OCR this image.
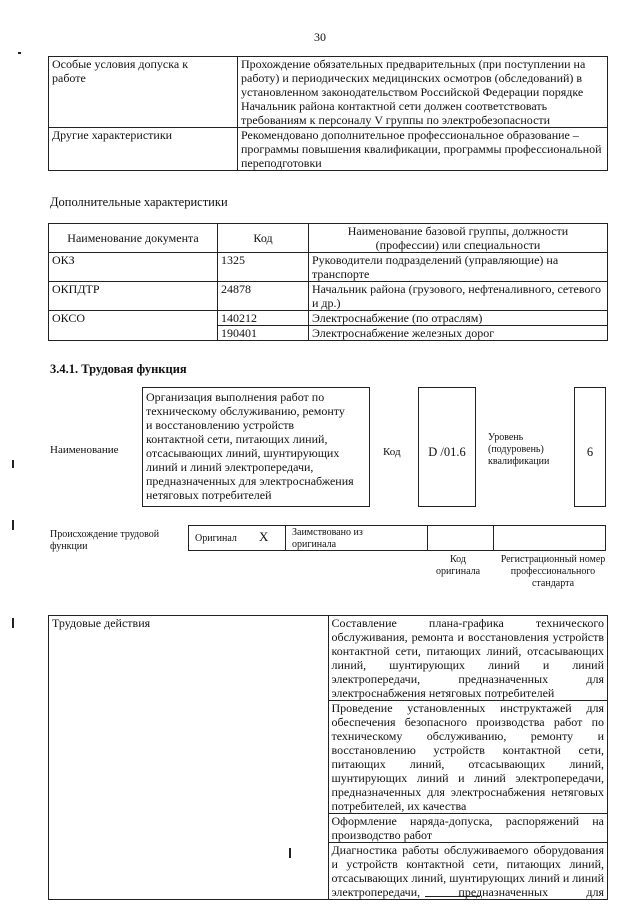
30
Особые условия допуска к работе	Прохождение обязательных предварительных (при поступлении на
работу) и периодических медицинских осмотров (обследований) в
установленном законодательством Российской Федерации порядке
Начальник района контактной сети должен соответствовать
требованиям к персоналу V группы по электробезопасности

Другие характеристики	Рекомендовано дополнительное профессиональное образование –
программы повышения квалификации, программы профессиональной
переподготовки
Дополнительные характеристики
Наименование документа	Код	Наименование базовой группы, должности (профессии) или специальности
ОКЗ	1325	Руководители подразделений (управляющие) на транспорте
ОКПДТР	24878	Начальник района (грузового, нефтеналивного, сетевого и др.)
ОКСО	140212	Электроснабжение (по отраслям)
	190401	Электроснабжение железных дорог
3.4.1. Трудовая функция
Наименование
Организация выполнения работ по
техническому обслуживанию, ремонту
и восстановлению устройств
контактной сети, питающих линий,
отсасывающих линий, шунтирующих
линий и линий электропередачи,
предназначенных для электроснабжения
нетяговых потребителей
Код	D /01.6
Уровень
(подуровень)
квалификации
6
Происхождение трудовой функции
Оригинал X Заимствовано из оригинала
Код оригинала
Регистрационный номер профессионального стандарта
Трудовые действия	Составление плана-графика технического обслуживания, ремонта и восстановления устройств контактной сети, питающих линий, отсасывающих линий, шунтирующих линий и линий электропередачи, предназначенных для электроснабжения нетяговых потребителей
Проведение установленных инструктажей для обеспечения безопасного производства работ по техническому обслуживанию, ремонту и восстановлению устройств контактной сети, питающих линий, отсасывающих линий, шунтирующих линий и линий электропередачи, предназначенных для электроснабжения нетяговых потребителей, их качества
Оформление наряда-допуска, распоряжений на производство работ
Диагностика работы обслуживаемого оборудования и устройств контактной сети, питающих линий, отсасывающих линий, шунтирующих линий и линий электропередачи, предназначенных для
